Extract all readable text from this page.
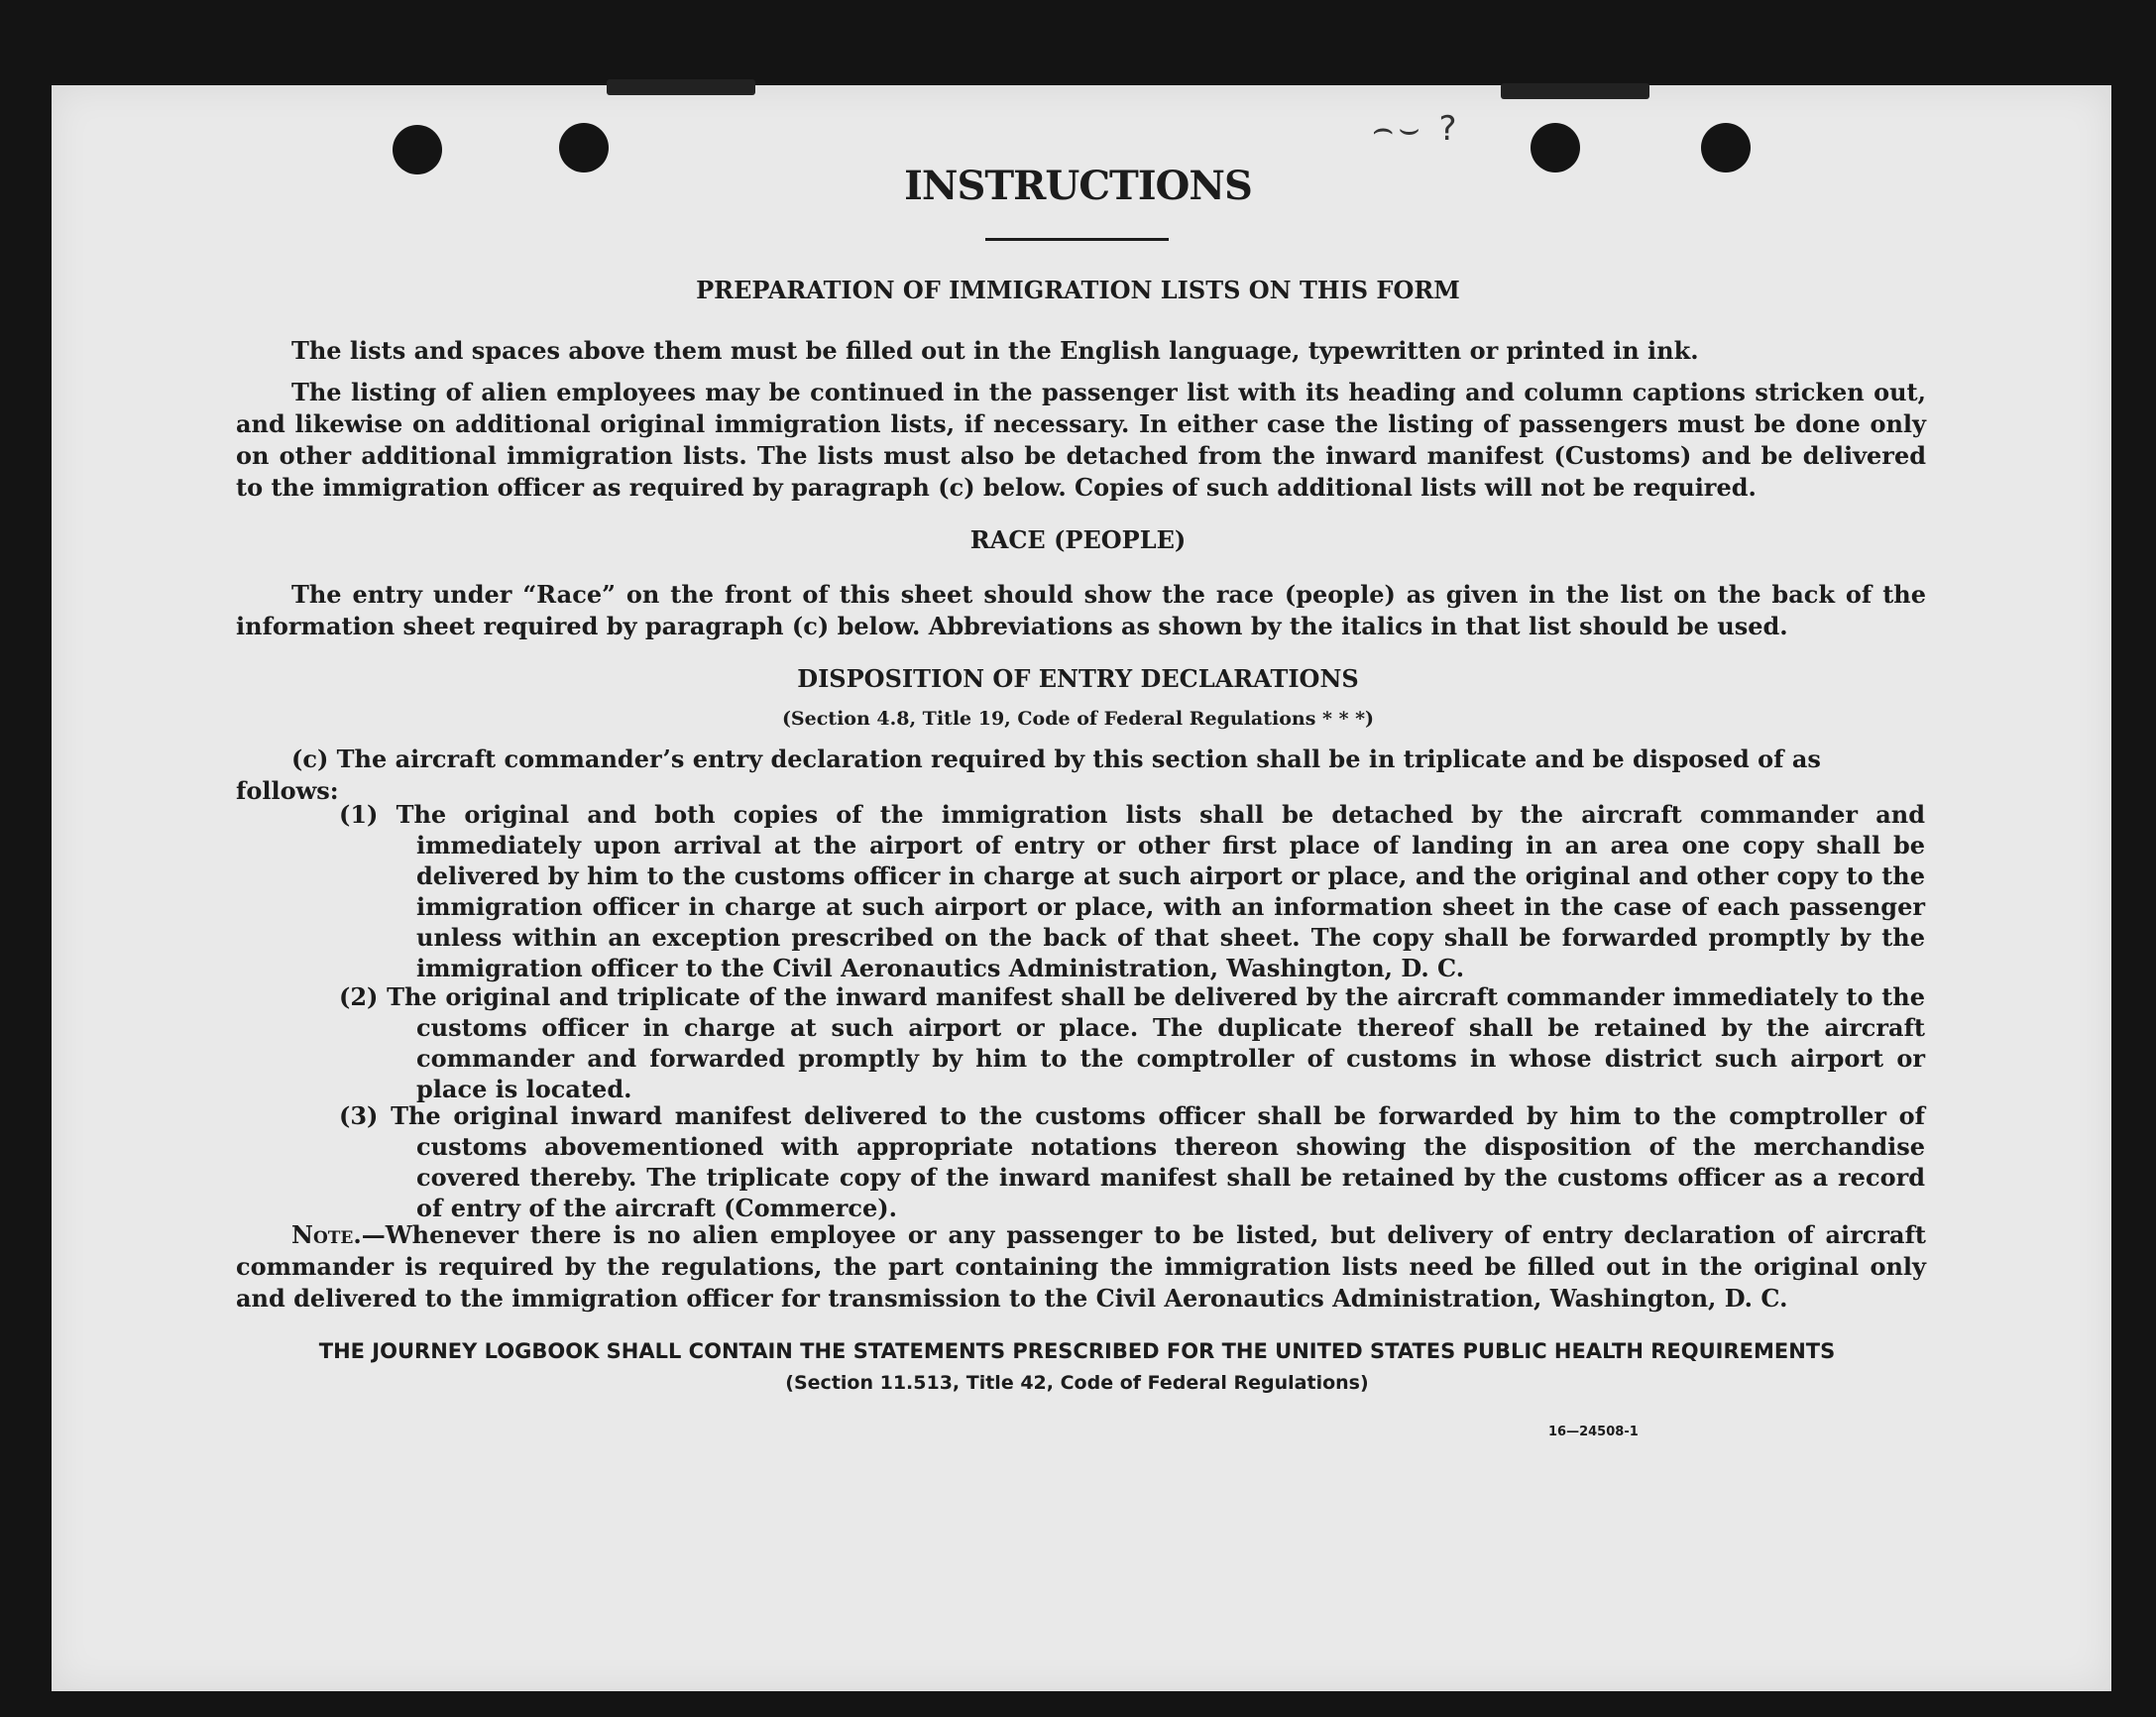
⌢⌣ ?
INSTRUCTIONS
PREPARATION OF IMMIGRATION LISTS ON THIS FORM
The lists and spaces above them must be filled out in the English language, typewritten or printed in ink.
The listing of alien employees may be continued in the passenger list with its heading and column captions stricken out, and likewise on additional original immigration lists, if necessary. In either case the listing of passengers must be done only on other additional immigration lists. The lists must also be detached from the inward manifest (Customs) and be delivered to the immigration officer as required by paragraph (c) below. Copies of such additional lists will not be required.
RACE (PEOPLE)
The entry under “Race” on the front of this sheet should show the race (people) as given in the list on the back of the information sheet required by paragraph (c) below. Abbreviations as shown by the italics in that list should be used.
DISPOSITION OF ENTRY DECLARATIONS
(Section 4.8, Title 19, Code of Federal Regulations * * *)
(c) The aircraft commander’s entry declaration required by this section shall be in triplicate and be disposed of as follows:
(1) The original and both copies of the immigration lists shall be detached by the aircraft commander and immediately upon arrival at the airport of entry or other first place of landing in an area one copy shall be delivered by him to the customs officer in charge at such airport or place, and the original and other copy to the immigration officer in charge at such airport or place, with an information sheet in the case of each passenger unless within an exception prescribed on the back of that sheet. The copy shall be forwarded promptly by the immigration officer to the Civil Aeronautics Administration, Washington, D. C.
(2) The original and triplicate of the inward manifest shall be delivered by the aircraft commander immediately to the customs officer in charge at such airport or place. The duplicate thereof shall be retained by the aircraft commander and forwarded promptly by him to the comptroller of customs in whose district such airport or place is located.
(3) The original inward manifest delivered to the customs officer shall be forwarded by him to the comptroller of customs abovementioned with appropriate notations thereon showing the disposition of the merchandise covered thereby. The triplicate copy of the inward manifest shall be retained by the customs officer as a record of entry of the aircraft (Commerce).
Note.—Whenever there is no alien employee or any passenger to be listed, but delivery of entry declaration of aircraft commander is required by the regulations, the part containing the immigration lists need be filled out in the original only and delivered to the immigration officer for transmission to the Civil Aeronautics Administration, Washington, D. C.
THE JOURNEY LOGBOOK SHALL CONTAIN THE STATEMENTS PRESCRIBED FOR THE UNITED STATES PUBLIC HEALTH REQUIREMENTS
(Section 11.513, Title 42, Code of Federal Regulations)
16—24508-1
